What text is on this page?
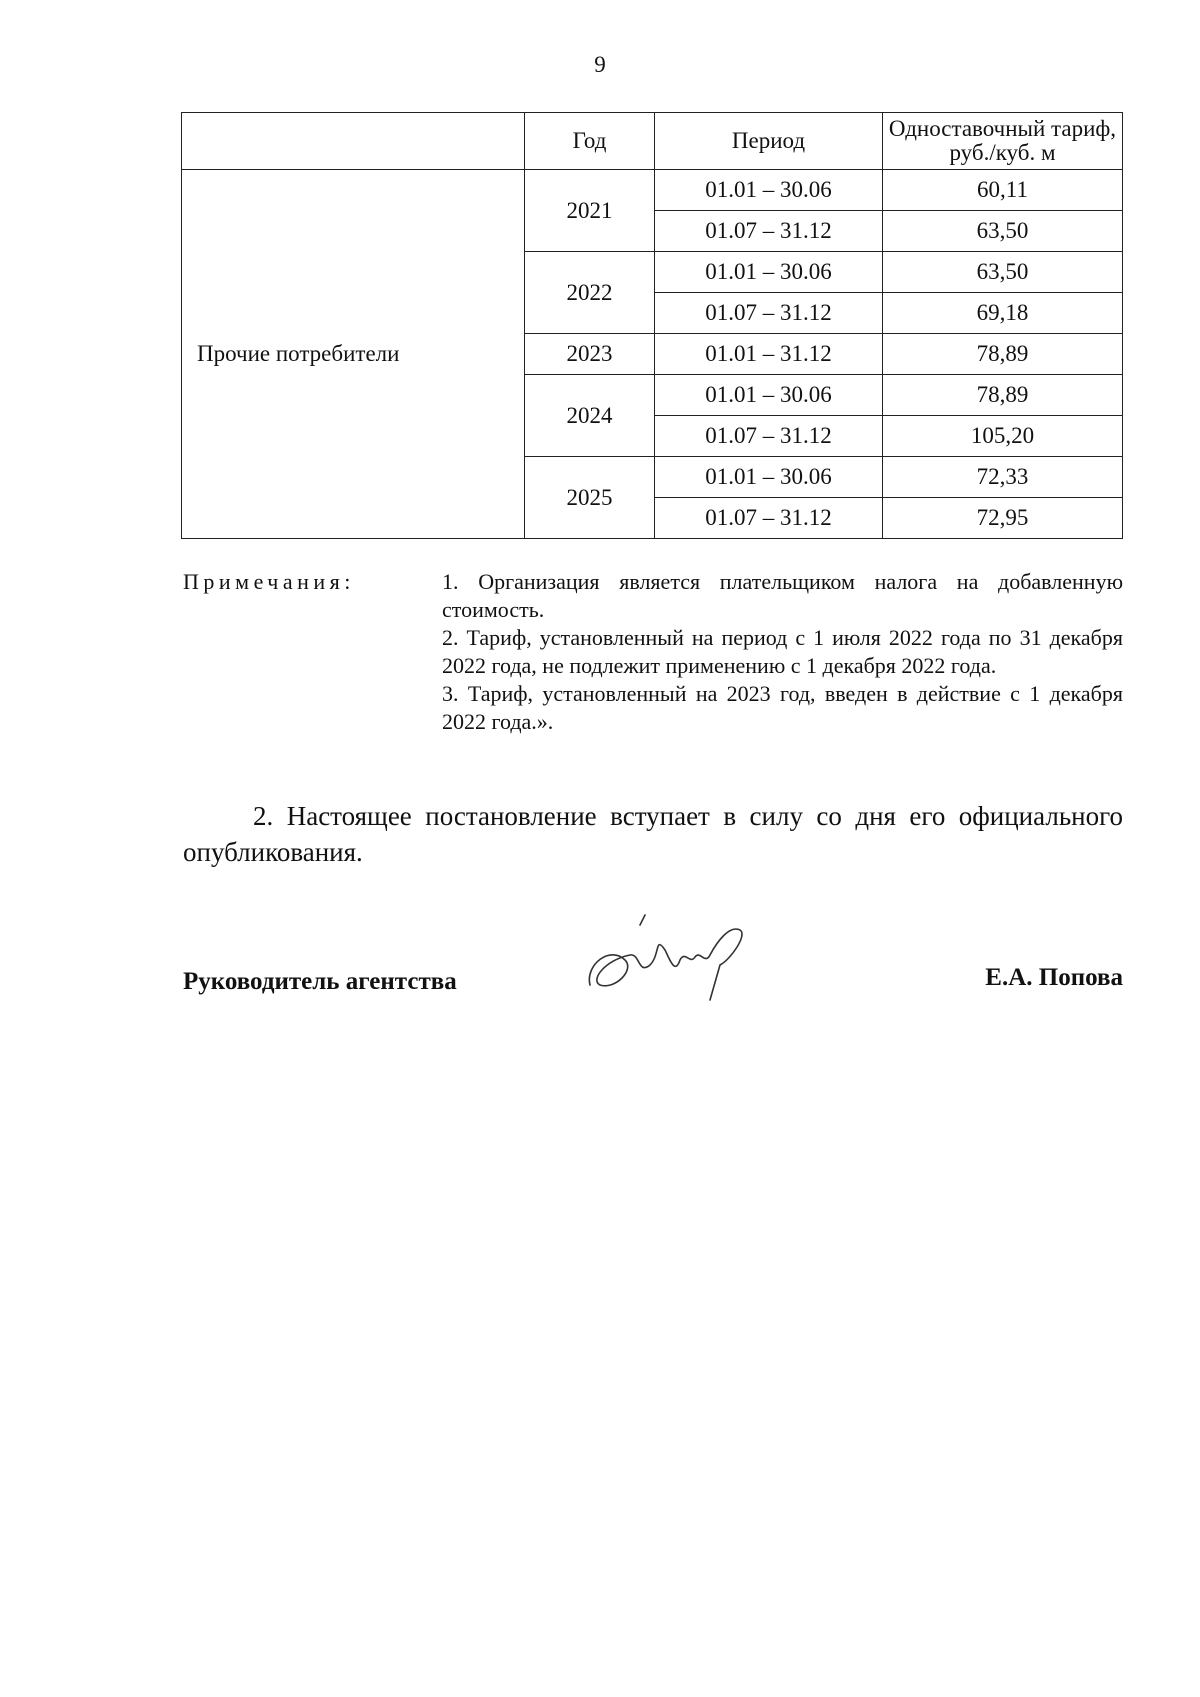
9
	Год	Период	Одноставочный тариф, руб./куб. м
Прочие потребители	2021	01.01 – 30.06	60,11
		01.07 – 31.12	63,50
	2022	01.01 – 30.06	63,50
		01.07 – 31.12	69,18
	2023	01.01 – 31.12	78,89
	2024	01.01 – 30.06	78,89
		01.07 – 31.12	105,20
	2025	01.01 – 30.06	72,33
		01.07 – 31.12	72,95
Примечания:	1. Организация является плательщиком налога на добавленную стоимость.
2. Тариф, установленный на период с 1 июля 2022 года по 31 декабря 2022 года, не подлежит применению с 1 декабря 2022 года.
3. Тариф, установленный на 2023 год, введен в действие с 1 декабря 2022 года.».
2. Настоящее постановление вступает в силу со дня его официального опубликования.
Руководитель агентства	Е.А. Попова
